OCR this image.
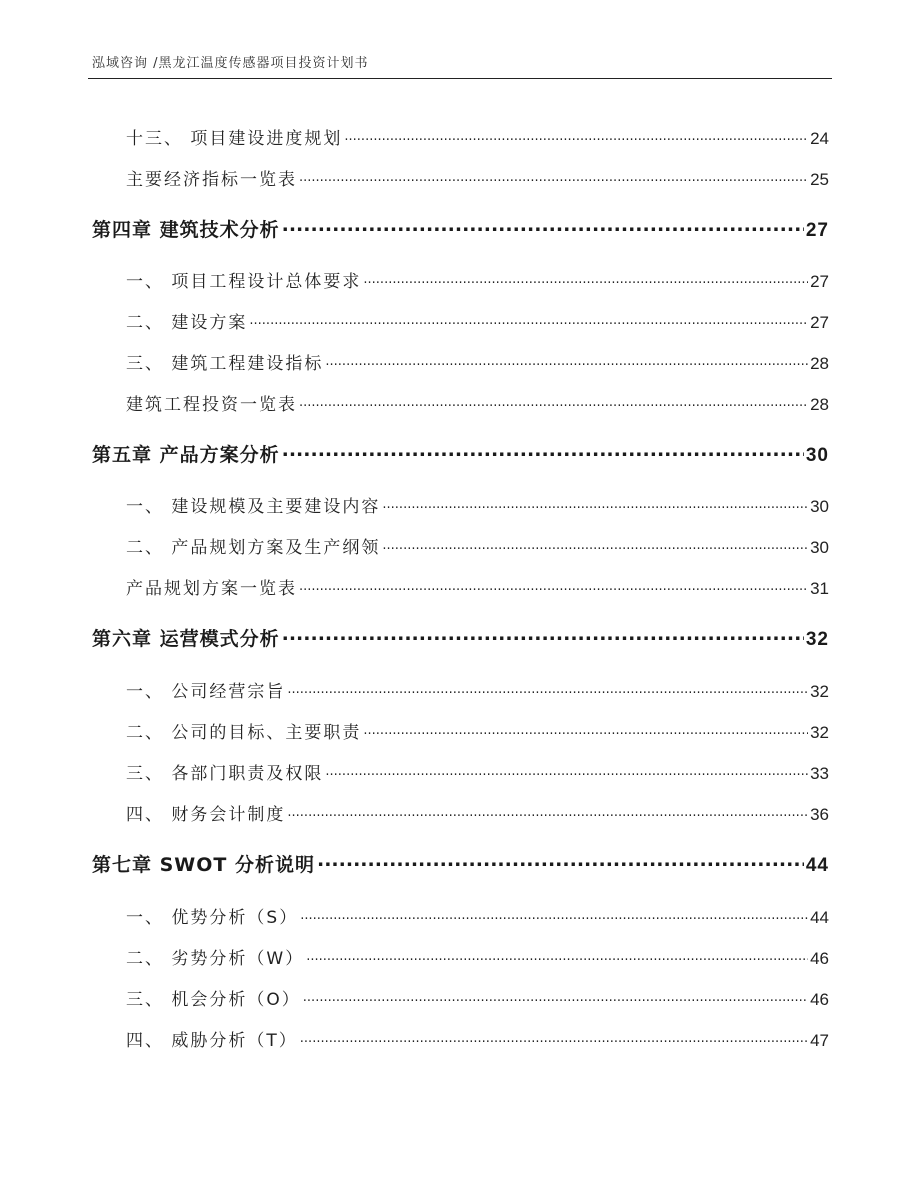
泓域咨询 /黑龙江温度传感器项目投资计划书
十三、 项目建设进度规划 .....	24
主要经济指标一览表 .....	25
第四章 建筑技术分析 .....	27
一、 项目工程设计总体要求 .....	27
二、 建设方案 .....	27
三、 建筑工程建设指标 .....	28
建筑工程投资一览表 .....	28
第五章 产品方案分析 .....	30
一、 建设规模及主要建设内容 .....	30
二、 产品规划方案及生产纲领 .....	30
产品规划方案一览表 .....	31
第六章 运营模式分析 .....	32
一、 公司经营宗旨 .....	32
二、 公司的目标、主要职责 .....	32
三、 各部门职责及权限 .....	33
四、 财务会计制度 .....	36
第七章 SWOT 分析说明 .....	44
一、 优势分析（S） .....	44
二、 劣势分析（W） .....	46
三、 机会分析（O） .....	46
四、 威胁分析（T） .....	47
